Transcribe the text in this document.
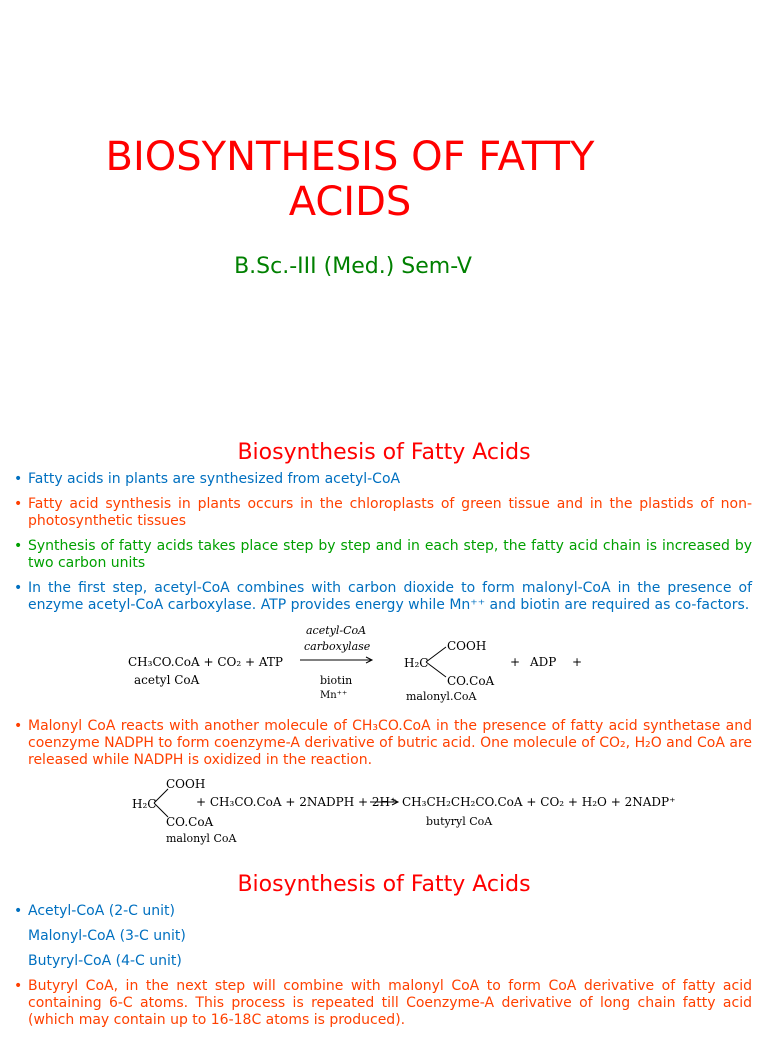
BIOSYNTHESIS OF FATTY ACIDS
B.Sc.-III (Med.) Sem-V
Biosynthesis of Fatty Acids
• Fatty acids in plants are synthesized from acetyl-CoA
• Fatty acid synthesis in plants occurs in the chloroplasts of green tissue and in the plastids of non-photosynthetic tissues
• Synthesis of fatty acids takes place step by step and in each step, the fatty acid chain is increased by two carbon units
• In the first step, acetyl-CoA combines with carbon dioxide to form malonyl-CoA in the presence of enzyme acetyl-CoA carboxylase. ATP provides energy while Mn⁺⁺ and biotin are required as co-factors.
CH₃CO.CoA + CO₂ + ATP
acetyl CoA
acetyl-CoA
carboxylase
biotin
Mn⁺⁺
H₂C
COOH
CO.CoA
malonyl.CoA
+ ADP +
• Malonyl CoA reacts with another molecule of CH₃CO.CoA in the presence of fatty acid synthetase and coenzyme NADPH to form coenzyme-A derivative of butric acid. One molecule of CO₂, H₂O and CoA are released while NADPH is oxidized in the reaction.
H₂C
COOH
CO.CoA
malonyl CoA
+ CH₃CO.CoA + 2NADPH + 2H⁺ CH₃CH₂CH₂CO.CoA + CO₂ + H₂O + 2NADP⁺
butyryl CoA
Biosynthesis of Fatty Acids
• Acetyl-CoA (2-C unit)
Malonyl-CoA (3-C unit)
Butyryl-CoA (4-C unit)
• Butyryl CoA, in the next step will combine with malonyl CoA to form CoA derivative of fatty acid containing 6-C atoms. This process is repeated till Coenzyme-A derivative of long chain fatty acid (which may contain up to 16-18C atoms is produced).
